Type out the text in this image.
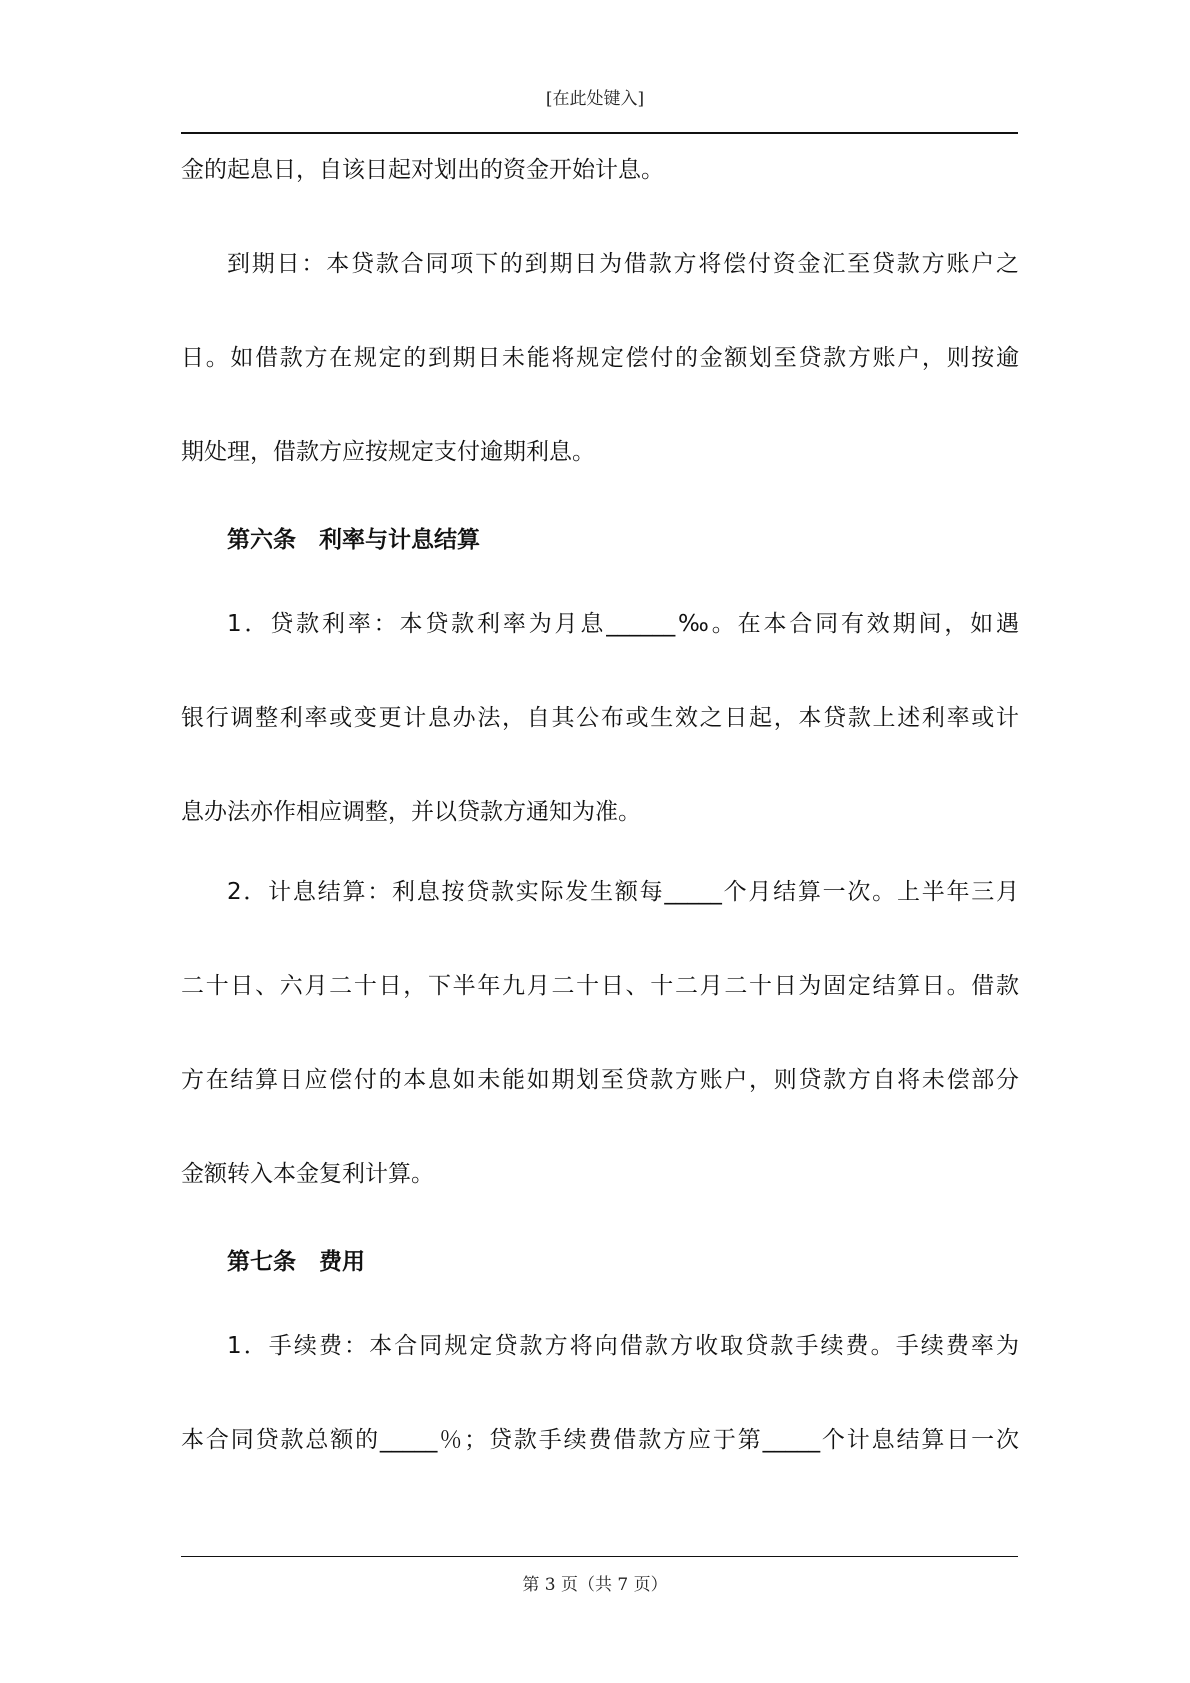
[在此处键入]
金的起息日，自该日起对划出的资金开始计息。
到期日：本贷款合同项下的到期日为借款方将偿付资金汇至贷款方账户之
日。如借款方在规定的到期日未能将规定偿付的金额划至贷款方账户，则按逾
期处理，借款方应按规定支付逾期利息。
第六条　利率与计息结算
1．贷款利率：本贷款利率为月息______‰。在本合同有效期间，如遇
银行调整利率或变更计息办法，自其公布或生效之日起，本贷款上述利率或计
息办法亦作相应调整，并以贷款方通知为准。
2．计息结算：利息按贷款实际发生额每_____个月结算一次。上半年三月
二十日、六月二十日，下半年九月二十日、十二月二十日为固定结算日。借款
方在结算日应偿付的本息如未能如期划至贷款方账户，则贷款方自将未偿部分
金额转入本金复利计算。
第七条　费用
1．手续费：本合同规定贷款方将向借款方收取贷款手续费。手续费率为
本合同贷款总额的_____％；贷款手续费借款方应于第_____个计息结算日一次
第 3 页（共 7 页）
